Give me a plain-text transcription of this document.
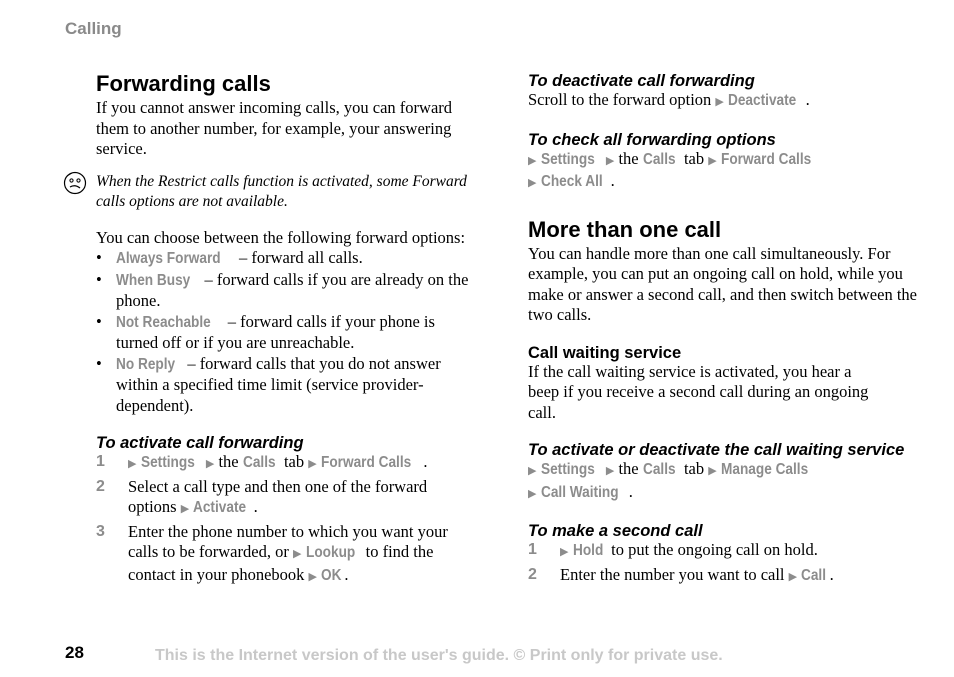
Calling
Forwarding calls

If you cannot answer incoming calls, you can forward them to another number, for example, your answering service.

When the Restrict calls function is activated, some Forward calls options are not available.

You can choose between the following forward options:

• Always Forward – forward all calls.
• When Busy – forward calls if you are already on the phone.
• Not Reachable – forward calls if your phone is turned off or if you are unreachable.
• No Reply – forward calls that you do not answer within a specified time limit (service provider-dependent).
To activate call forwarding
1 ▶ Settings ▶ the Calls tab ▶ Forward Calls .
2 Select a call type and then one of the forward options ▶ Activate .
3 Enter the phone number to which you want your calls to be forwarded, or ▶ Lookup to find the contact in your phonebook ▶ OK .
To deactivate call forwarding

Scroll to the forward option ▶ Deactivate .

To check all forwarding options

▶ Settings ▶ the Calls tab ▶ Forward Calls
▶ Check All .

More than one call

You can handle more than one call simultaneously. For example, you can put an ongoing call on hold, while you make or answer a second call, and then switch between the two calls.

Call waiting service

If the call waiting service is activated, you hear a beep if you receive a second call during an ongoing call.

To activate or deactivate the call waiting service

▶ Settings ▶ the Calls tab ▶ Manage Calls
▶ Call Waiting .

To make a second call
1 ▶ Hold to put the ongoing call on hold.
2 Enter the number you want to call ▶ Call .
28	This is the Internet version of the user's guide. © Print only for private use.
